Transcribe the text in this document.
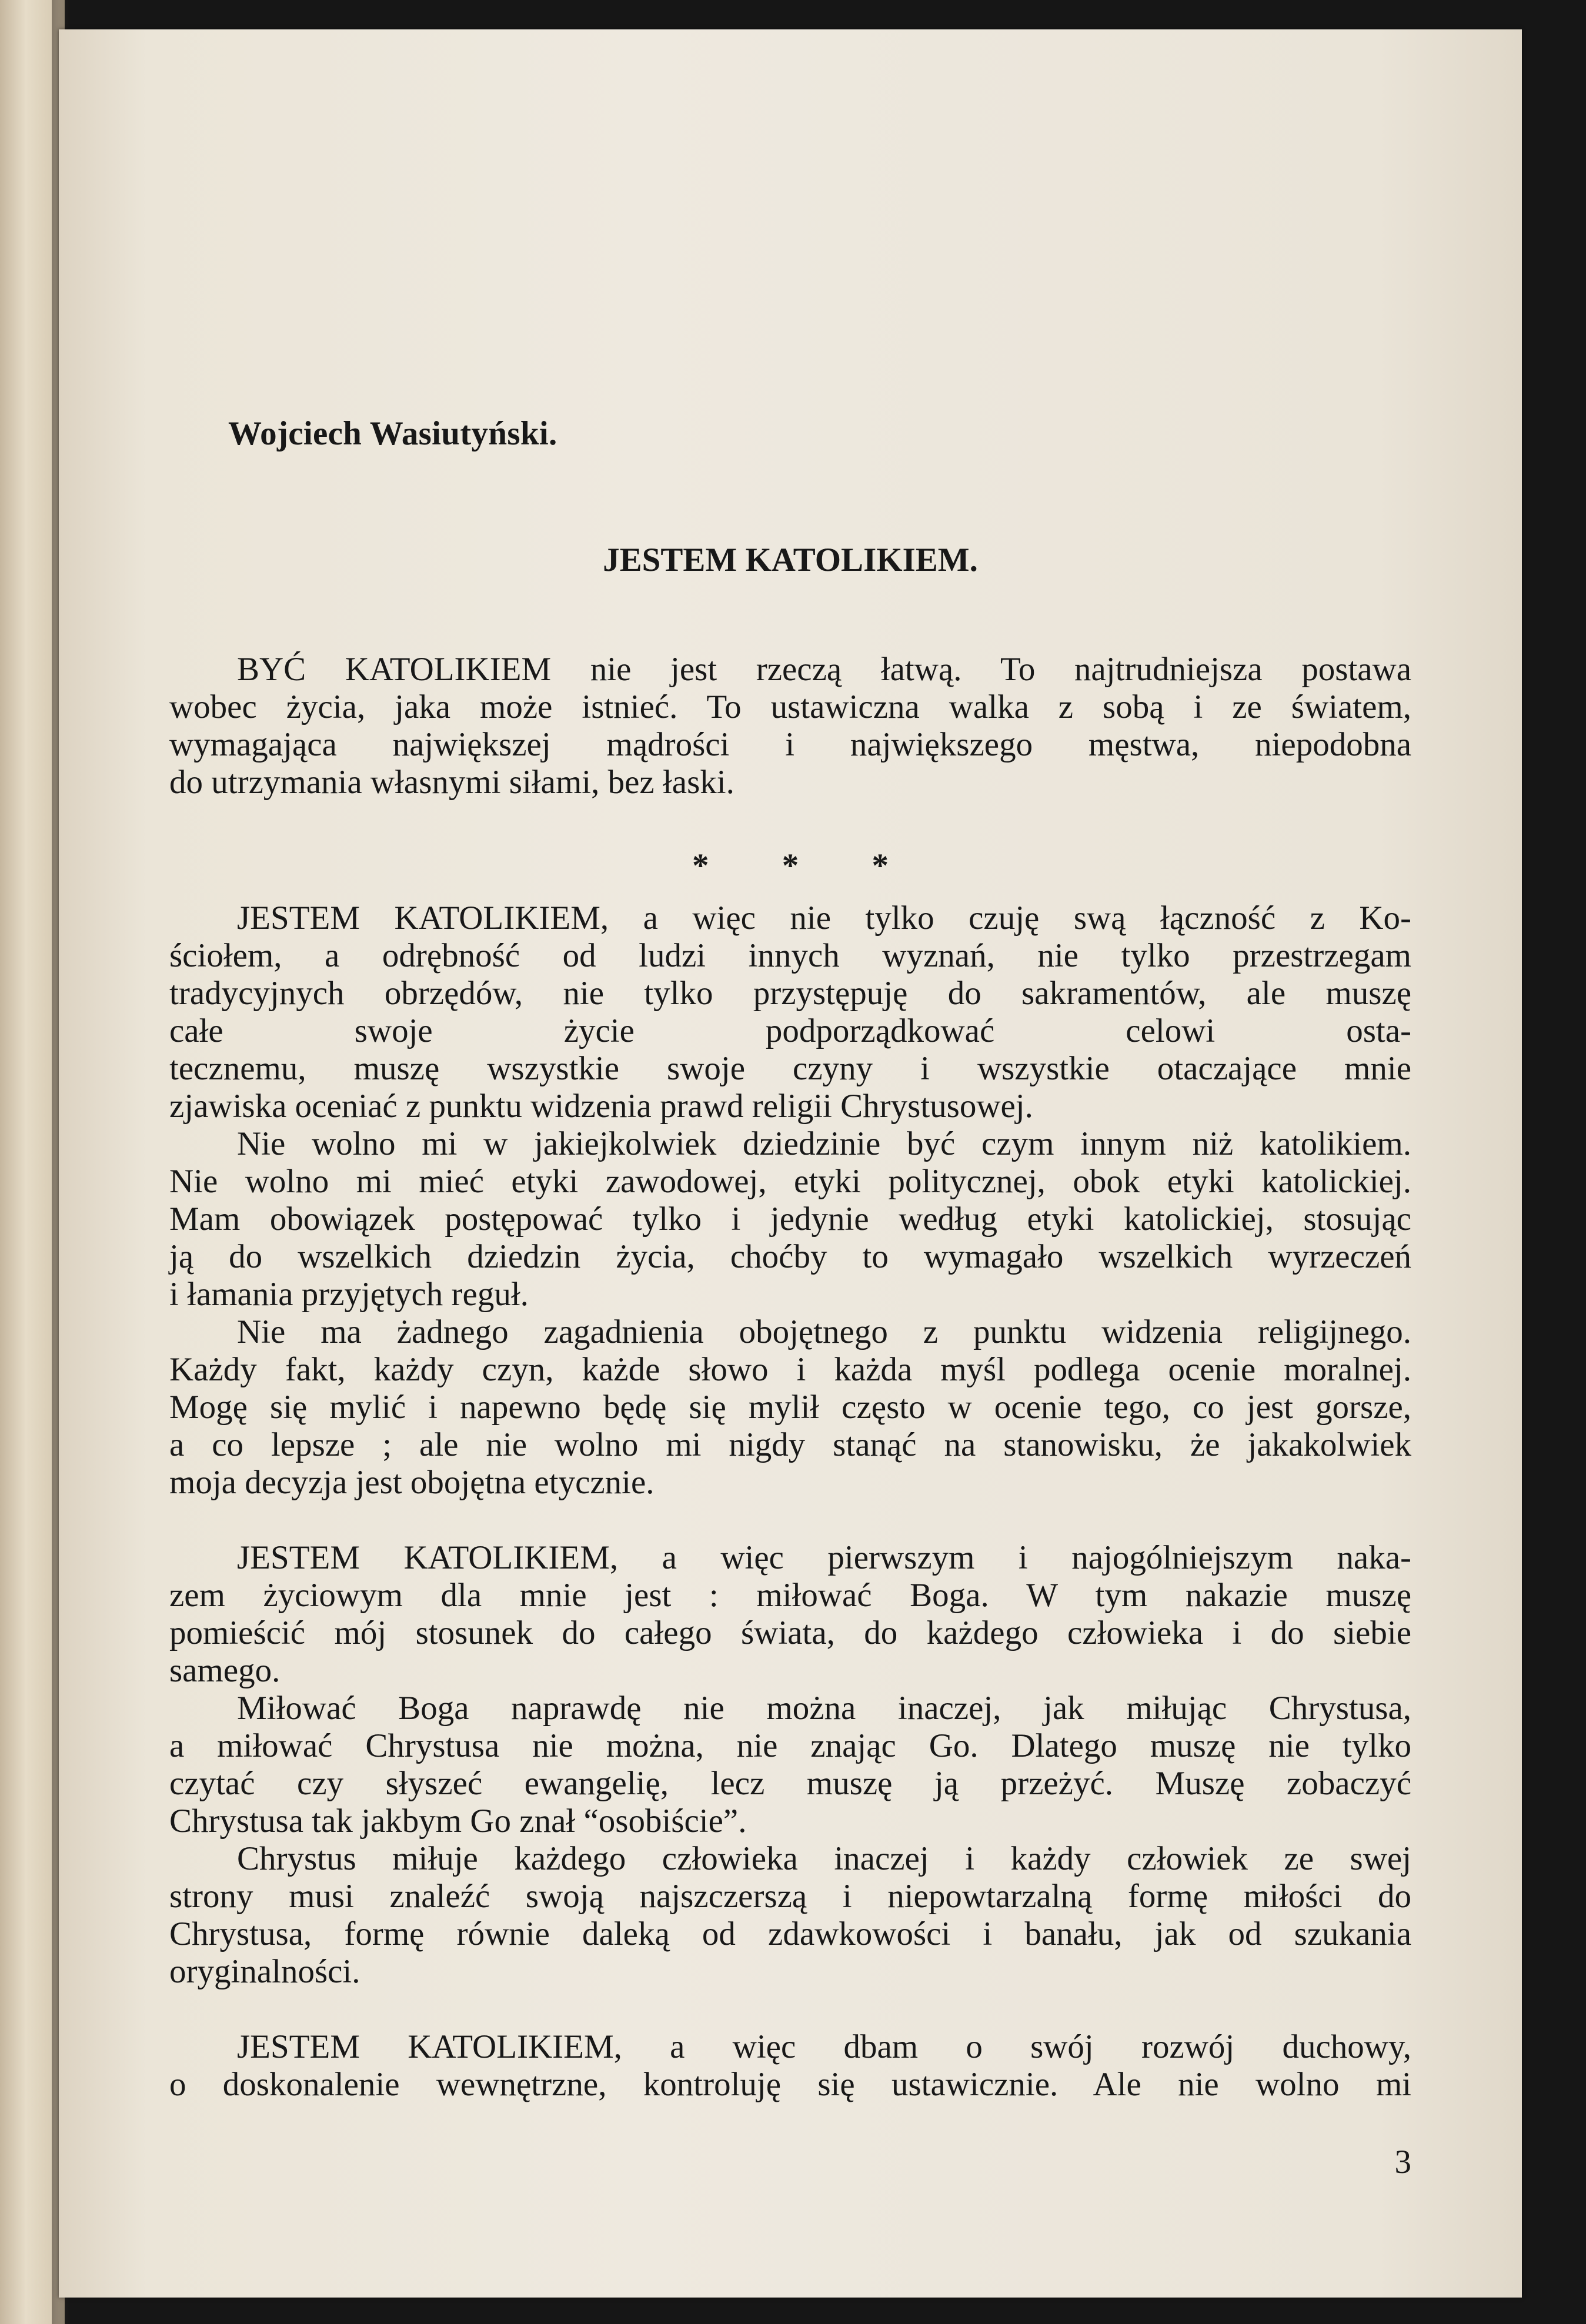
Wojciech Wasiutyński.
JESTEM KATOLIKIEM.
BYĆ KATOLIKIEM nie jest rzeczą łatwą. To najtrudniejsza postawa
wobec życia, jaka może istnieć. To ustawiczna walka z sobą i ze światem,
wymagająca największej mądrości i największego męstwa, niepodobna
do utrzymania własnymi siłami, bez łaski.
* * *
JESTEM KATOLIKIEM, a więc nie tylko czuję swą łączność z Ko-
ściołem, a odrębność od ludzi innych wyznań, nie tylko przestrzegam
tradycyjnych obrzędów, nie tylko przystępuję do sakramentów, ale muszę
całe swoje życie podporządkować celowi osta-
tecznemu, muszę wszystkie swoje czyny i wszystkie otaczające mnie
zjawiska oceniać z punktu widzenia prawd religii Chrystusowej.
Nie wolno mi w jakiejkolwiek dziedzinie być czym innym niż katolikiem.
Nie wolno mi mieć etyki zawodowej, etyki politycznej, obok etyki katolickiej.
Mam obowiązek postępować tylko i jedynie według etyki katolickiej, stosując
ją do wszelkich dziedzin życia, choćby to wymagało wszelkich wyrzeczeń
i łamania przyjętych reguł.
Nie ma żadnego zagadnienia obojętnego z punktu widzenia religijnego.
Każdy fakt, każdy czyn, każde słowo i każda myśl podlega ocenie moralnej.
Mogę się mylić i napewno będę się mylił często w ocenie tego, co jest gorsze,
a co lepsze ; ale nie wolno mi nigdy stanąć na stanowisku, że jakakolwiek
moja decyzja jest obojętna etycznie.
JESTEM KATOLIKIEM, a więc pierwszym i najogólniejszym naka-
zem życiowym dla mnie jest : miłować Boga. W tym nakazie muszę
pomieścić mój stosunek do całego świata, do każdego człowieka i do siebie
samego.
Miłować Boga naprawdę nie można inaczej, jak miłując Chrystusa,
a miłować Chrystusa nie można, nie znając Go. Dlatego muszę nie tylko
czytać czy słyszeć ewangelię, lecz muszę ją przeżyć. Muszę zobaczyć
Chrystusa tak jakbym Go znał “osobiście”.
Chrystus miłuje każdego człowieka inaczej i każdy człowiek ze swej
strony musi znaleźć swoją najszczerszą i niepowtarzalną formę miłości do
Chrystusa, formę równie daleką od zdawkowości i banału, jak od szukania
oryginalności.
JESTEM KATOLIKIEM, a więc dbam o swój rozwój duchowy,
o doskonalenie wewnętrzne, kontroluję się ustawicznie. Ale nie wolno mi
3
